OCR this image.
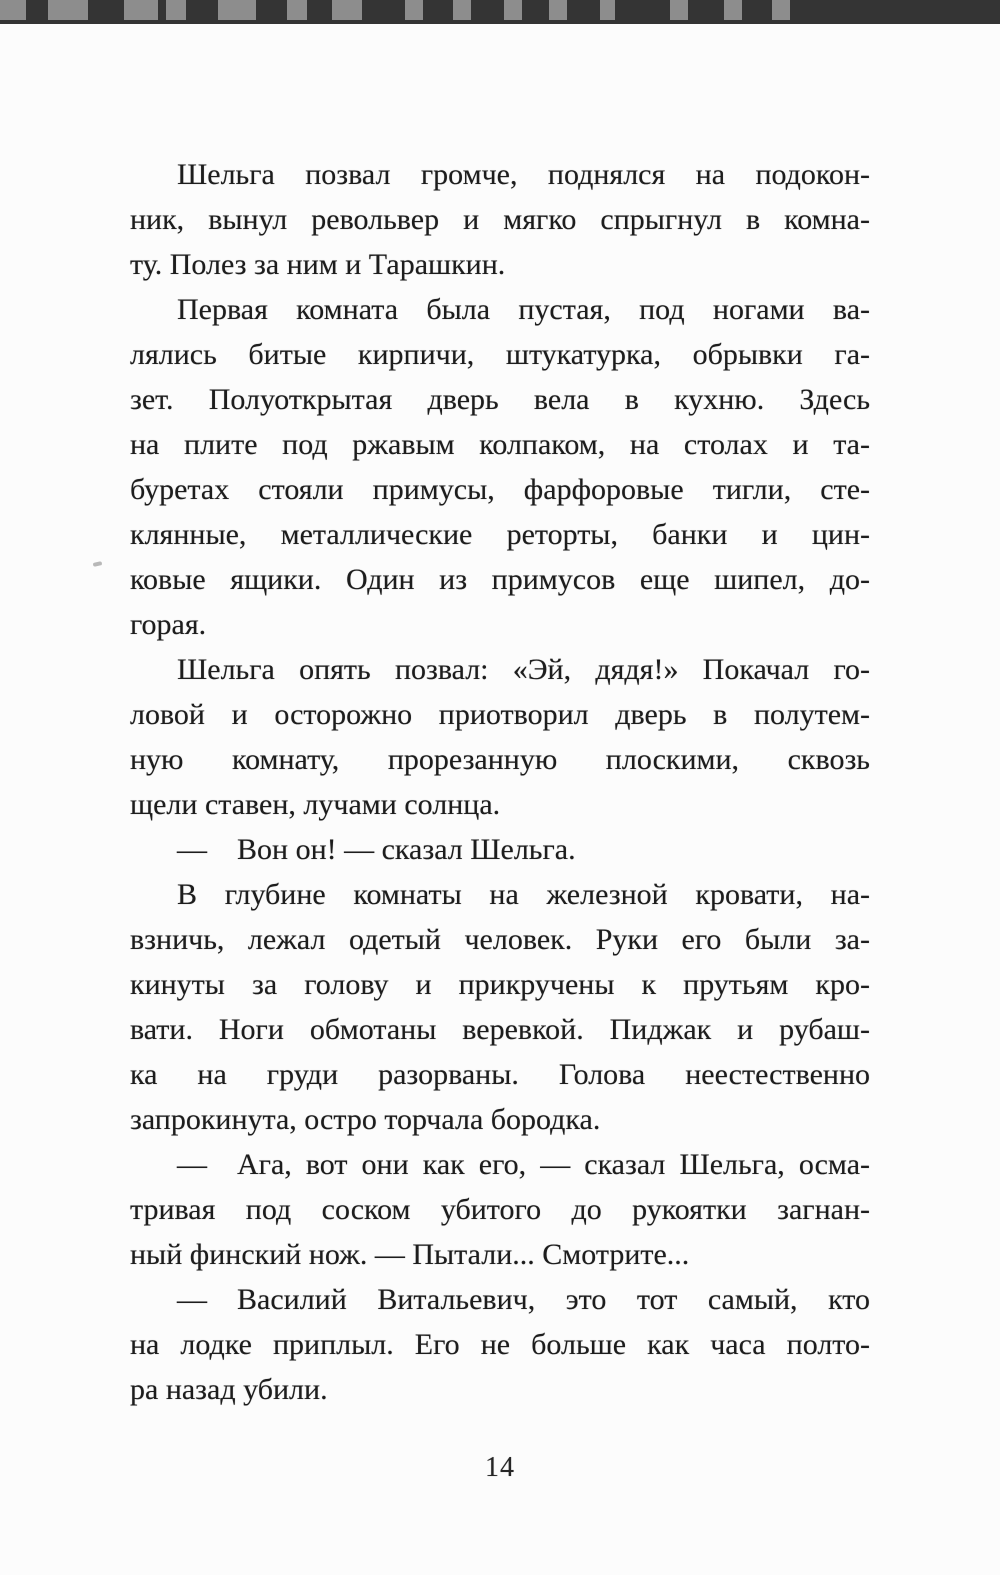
Шельга позвал громче, поднялся на подокон-
ник, вынул револьвер и мягко спрыгнул в комна-
ту. Полез за ним и Тарашкин.
Первая комната была пустая, под ногами ва-
лялись битые кирпичи, штукатурка, обрывки га-
зет. Полуоткрытая дверь вела в кухню. Здесь
на плите под ржавым колпаком, на столах и та-
буретах стояли примусы, фарфоровые тигли, сте-
клянные, металлические реторты, банки и цин-
ковые ящики. Один из примусов еще шипел, до-
горая.
Шельга опять позвал: «Эй, дядя!» Покачал го-
ловой и осторожно приотворил дверь в полутем-
ную комнату, прорезанную плоскими, сквозь
щели ставен, лучами солнца.
— Вон он! — сказал Шельга.
В глубине комнаты на железной кровати, на-
взничь, лежал одетый человек. Руки его были за-
кинуты за голову и прикручены к прутьям кро-
вати. Ноги обмотаны веревкой. Пиджак и рубаш-
ка на груди разорваны. Голова неестественно
запрокинута, остро торчала бородка.
— Ага, вот они как его, — сказал Шельга, осма-
тривая под соском убитого до рукоятки загнан-
ный финский нож. — Пытали... Смотрите...
— Василий Витальевич, это тот самый, кто
на лодке приплыл. Его не больше как часа полто-
ра назад убили.
14
